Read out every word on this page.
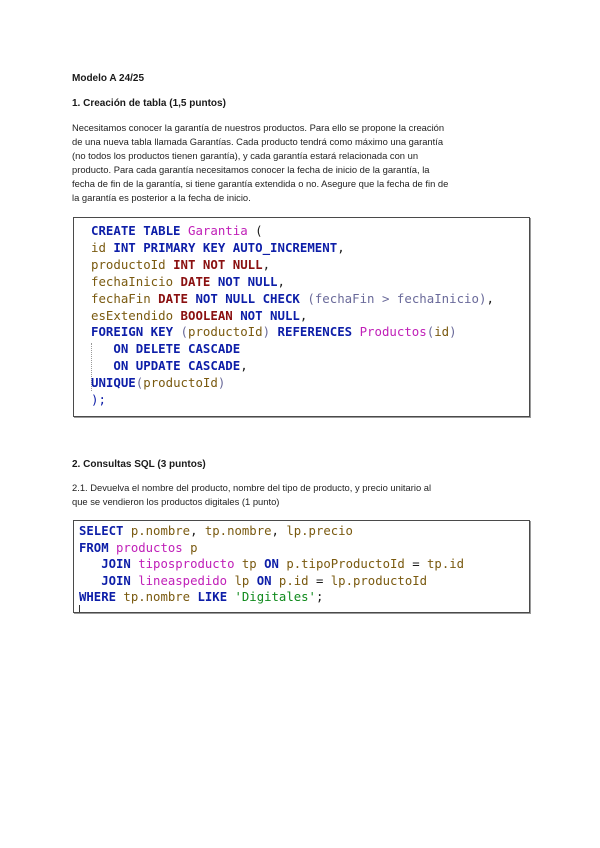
Modelo A 24/25

1. Creación de tabla (1,5 puntos)

Necesitamos conocer la garantía de nuestros productos. Para ello se propone la creación
de una nueva tabla llamada Garantías. Cada producto tendrá como máximo una garantía
(no todos los productos tienen garantía), y cada garantía estará relacionada con un
producto. Para cada garantía necesitamos conocer la fecha de inicio de la garantía, la
fecha de fin de la garantía, si tiene garantía extendida o no. Asegure que la fecha de fin de
la garantía es posterior a la fecha de inicio.
CREATE TABLE Garantia (
id INT PRIMARY KEY AUTO_INCREMENT,
productoId INT NOT NULL,
fechaInicio DATE NOT NULL,
fechaFin DATE NOT NULL CHECK (fechaFin > fechaInicio),
esExtendido BOOLEAN NOT NULL,
FOREIGN KEY (productoId) REFERENCES Productos(id)
ON DELETE CASCADE
ON UPDATE CASCADE,
UNIQUE(productoId)
);

2. Consultas SQL (3 puntos)

2.1. Devuelva el nombre del producto, nombre del tipo de producto, y precio unitario al
que se vendieron los productos digitales (1 punto)
SELECT p.nombre, tp.nombre, lp.precio
FROM productos p
JOIN tiposproducto tp ON p.tipoProductoId = tp.id
JOIN lineaspedido lp ON p.id = lp.productoId
WHERE tp.nombre LIKE 'Digitales';
